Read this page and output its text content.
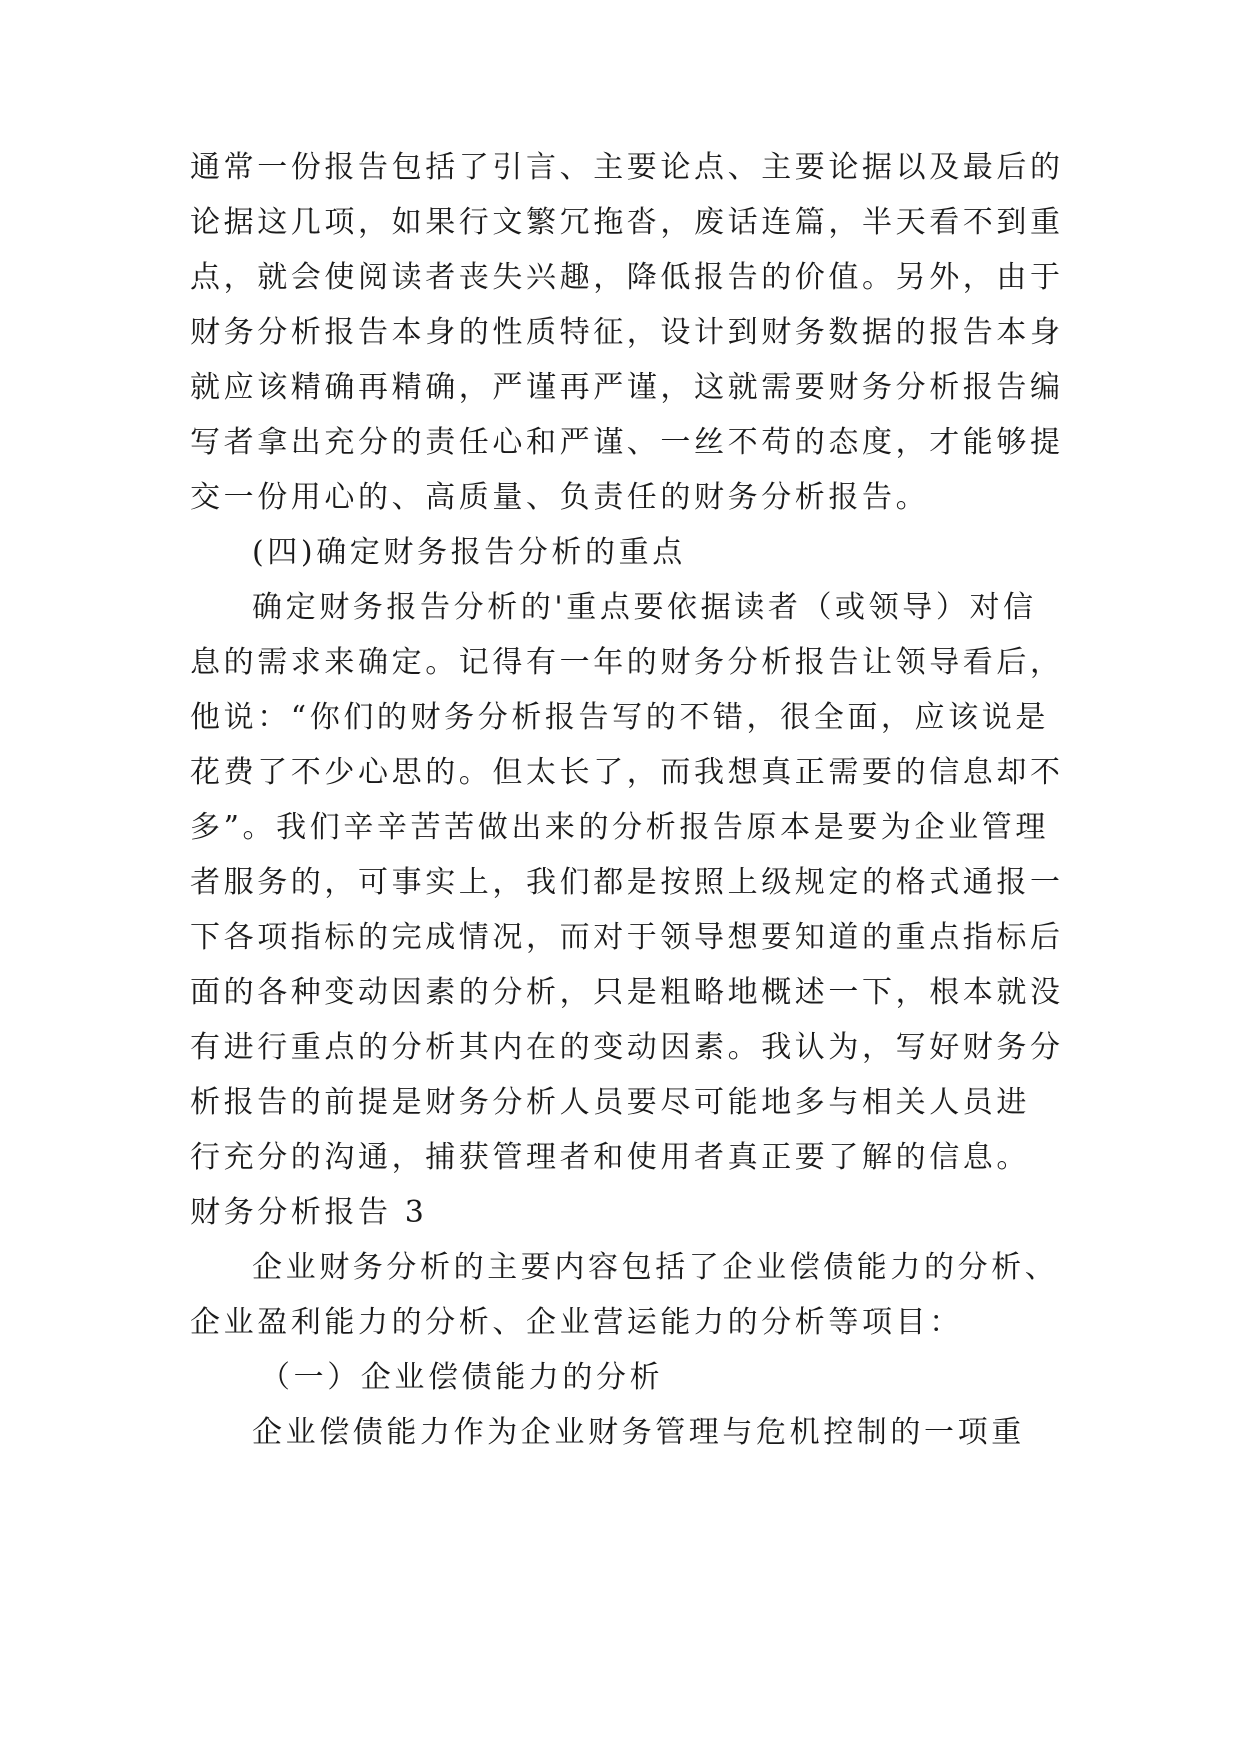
通常一份报告包括了引言、主要论点、主要论据以及最后的
论据这几项，如果行文繁冗拖沓，废话连篇，半天看不到重
点，就会使阅读者丧失兴趣，降低报告的价值。另外，由于
财务分析报告本身的性质特征，设计到财务数据的报告本身
就应该精确再精确，严谨再严谨，这就需要财务分析报告编
写者拿出充分的责任心和严谨、一丝不苟的态度，才能够提
交一份用心的、高质量、负责任的财务分析报告。
(四)确定财务报告分析的重点
确定财务报告分析的'重点要依据读者（或领导）对信
息的需求来确定。记得有一年的财务分析报告让领导看后，
他说：“你们的财务分析报告写的不错，很全面，应该说是
花费了不少心思的。但太长了，而我想真正需要的信息却不
多”。我们辛辛苦苦做出来的分析报告原本是要为企业管理
者服务的，可事实上，我们都是按照上级规定的格式通报一
下各项指标的完成情况，而对于领导想要知道的重点指标后
面的各种变动因素的分析，只是粗略地概述一下，根本就没
有进行重点的分析其内在的变动因素。我认为，写好财务分
析报告的前提是财务分析人员要尽可能地多与相关人员进
行充分的沟通，捕获管理者和使用者真正要了解的信息。
财务分析报告 3
企业财务分析的主要内容包括了企业偿债能力的分析、
企业盈利能力的分析、企业营运能力的分析等项目：
（一）企业偿债能力的分析
企业偿债能力作为企业财务管理与危机控制的一项重
